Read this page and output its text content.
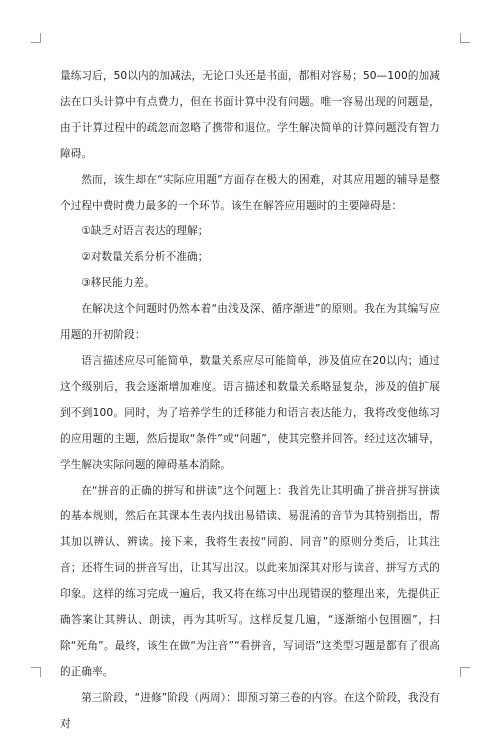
量练习后，50以内的加减法，无论口头还是书面，都相对容易；50—100的加减法在口头计算中有点费力，但在书面计算中没有问题。唯一容易出现的问题是，由于计算过程中的疏忽而忽略了携带和退位。学生解决简单的计算问题没有智力障碍。

然而，该生却在“实际应用题”方面存在极大的困难，对其应用题的辅导是整个过程中费时费力最多的一个环节。该生在解答应用题时的主要障碍是：

①缺乏对语言表达的理解；

②对数量关系分析不准确；

③移民能力差。

在解决这个问题时仍然本着“由浅及深、循序渐进”的原则。我在为其编写应用题的开初阶段：

语言描述应尽可能简单，数量关系应尽可能简单，涉及值应在20以内；通过这个级别后，我会逐渐增加难度。语言描述和数量关系略显复杂，涉及的值扩展到不到100。同时，为了培养学生的迁移能力和语言表达能力，我将改变他练习的应用题的主题，然后提取“条件”或“问题”，使其完整并回答。经过这次辅导，学生解决实际问题的障碍基本消除。

在“拼音的正确的拼写和拼读”这个问题上：我首先让其明确了拼音拼写拼读的基本规则，然后在其课本生表内找出易错读、易混淆的音节为其特别指出，帮其加以辨认、辨读。接下来，我将生表按“同韵、同音”的原则分类后，让其注音；还将生词的拼音写出，让其写出汉。以此来加深其对形与读音、拼写方式的印象。这样的练习完成一遍后，我又将在练习中出现错误的整理出来，先提供正确答案让其辨认、朗读，再为其听写。这样反复几遍，“逐渐缩小包围圈”，扫除“死角”。最终，该生在做“为注音”“看拼音，写词语”这类型习题是都有了很高的正确率。

第三阶段，“进修”阶段（两周）：即预习第三卷的内容。在这个阶段，我没有对
